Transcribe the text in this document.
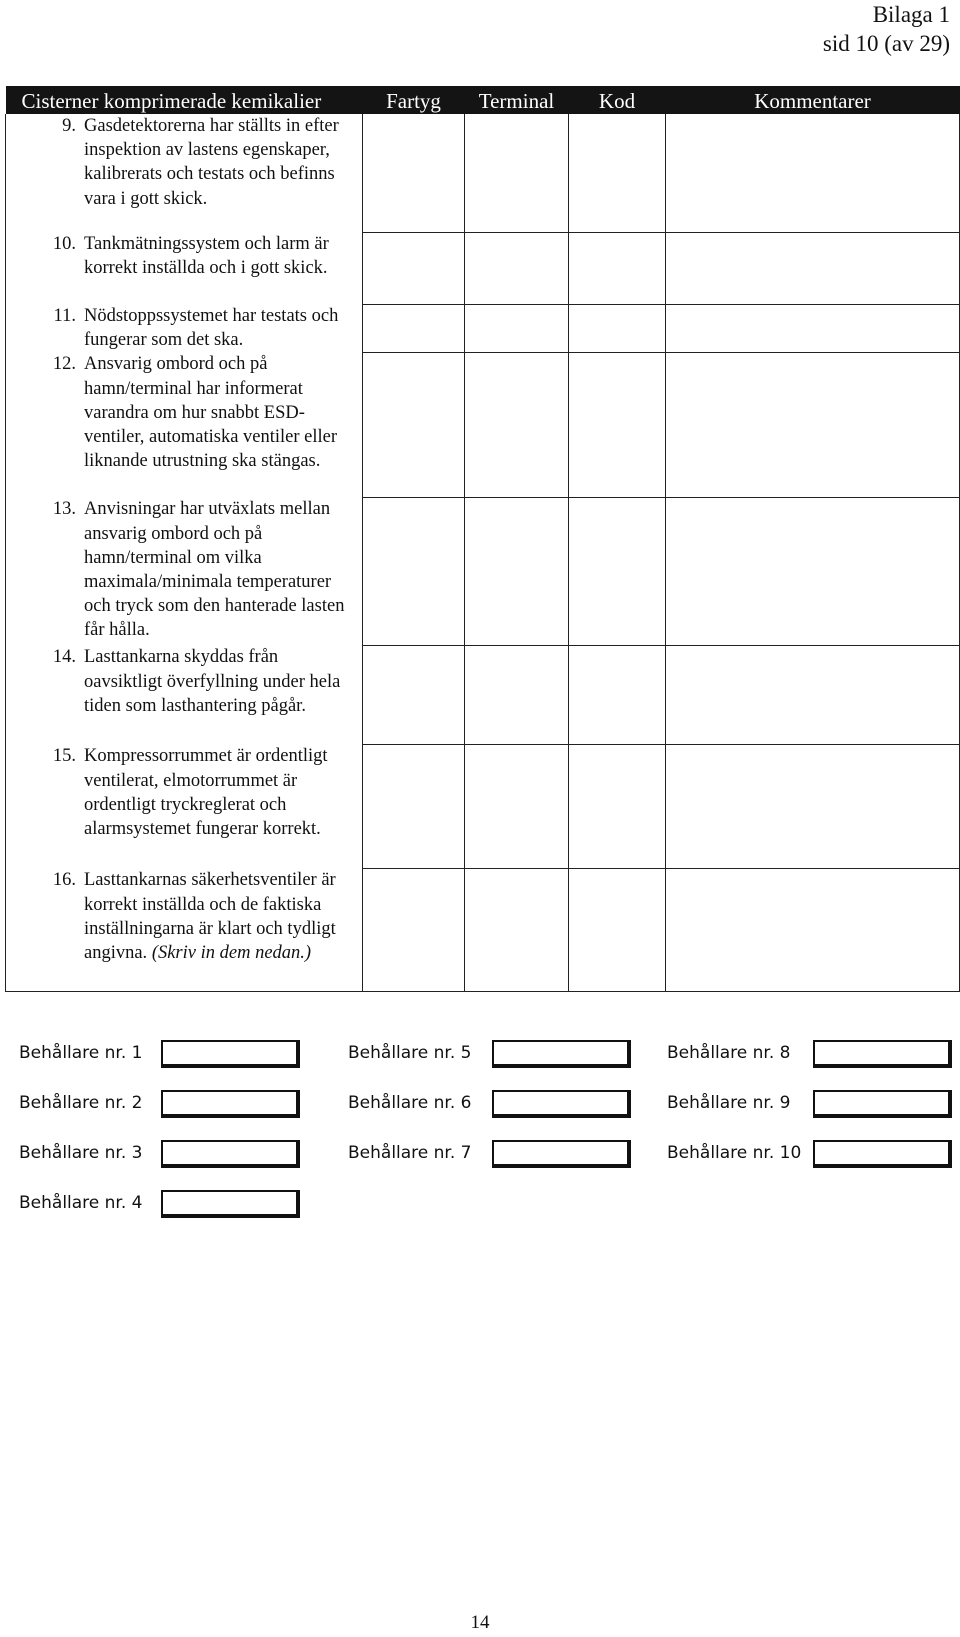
Bilaga 1
sid 10 (av 29)
Cisterner komprimerade kemikalier	Fartyg	Terminal	Kod	Kommentarer

9. Gasdetektorerna har ställts in efter inspektion av lastens egenskaper, kalibrerats och testats och befinns vara i gott skick.				

10. Tankmätningssystem och larm är korrekt inställda och i gott skick.				

11. Nödstoppssystemet har testats och fungerar som det ska.				

12. Ansvarig ombord och på hamn/terminal har informerat varandra om hur snabbt ESD-ventiler, automatiska ventiler eller liknande utrustning ska stängas.				

13. Anvisningar har utväxlats mellan ansvarig ombord och på hamn/terminal om vilka maximala/minimala temperaturer och tryck som den hanterade lasten får hålla.				

14. Lasttankarna skyddas från oavsiktligt överfyllning under hela tiden som lasthantering pågår.				

15. Kompressorrummet är ordentligt ventilerat, elmotorrummet är ordentligt tryckreglerat och alarmsystemet fungerar korrekt.				

16. Lasttankarnas säkerhetsventiler är korrekt inställda och de faktiska inställningarna är klart och tydligt angivna. (Skriv in dem nedan.)				

Behållare nr. 1
Behållare nr. 2
Behållare nr. 3
Behållare nr. 4
Behållare nr. 5
Behållare nr. 6
Behållare nr. 7
Behållare nr. 8
Behållare nr. 9
Behållare nr. 10
14
